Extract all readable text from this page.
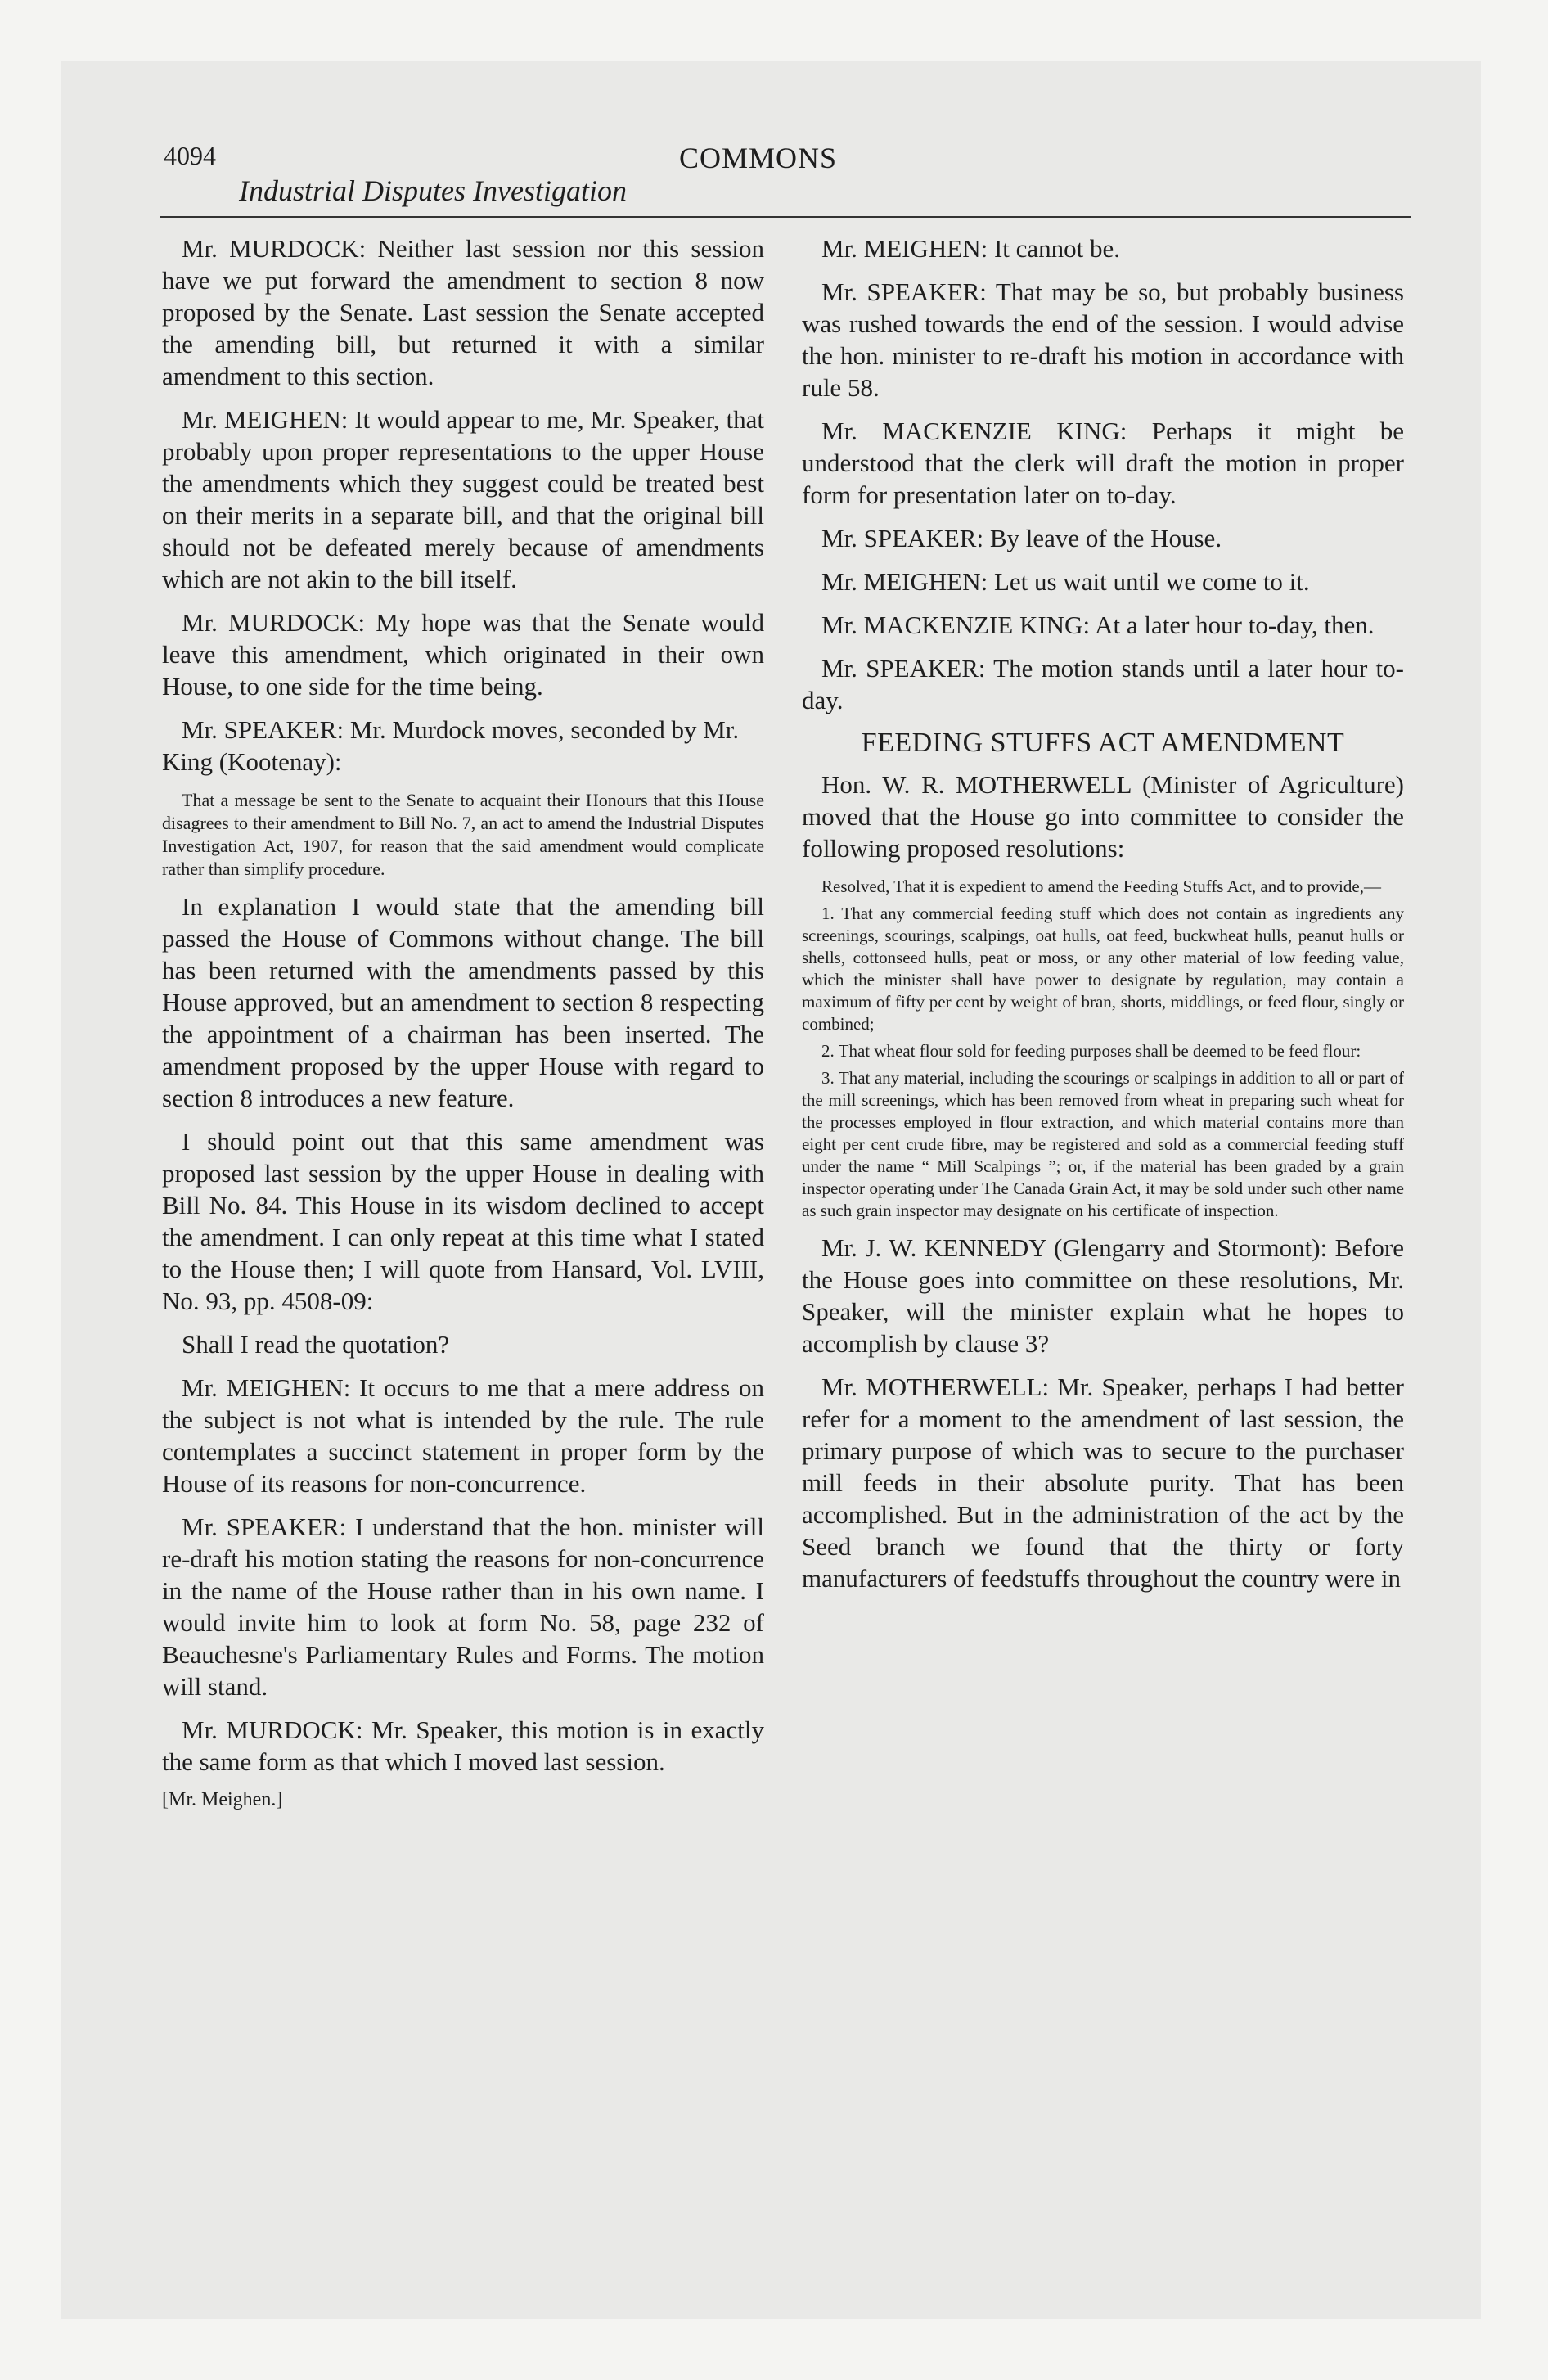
4094	COMMONS
Industrial Disputes Investigation

Mr. MURDOCK: Neither last session nor this session have we put forward the amendment to section 8 now proposed by the Senate. Last session the Senate accepted the amending bill, but returned it with a similar amendment to this section.

Mr. MEIGHEN: It would appear to me, Mr. Speaker, that probably upon proper representations to the upper House the amendments which they suggest could be treated best on their merits in a separate bill, and that the original bill should not be defeated merely because of amendments which are not akin to the bill itself.

Mr. MURDOCK: My hope was that the Senate would leave this amendment, which originated in their own House, to one side for the time being.

Mr. SPEAKER: Mr. Murdock moves, seconded by Mr. King (Kootenay):

That a message be sent to the Senate to acquaint their Honours that this House disagrees to their amendment to Bill No. 7, an act to amend the Industrial Disputes Investigation Act, 1907, for reason that the said amendment would complicate rather than simplify procedure.

In explanation I would state that the amending bill passed the House of Commons without change. The bill has been returned with the amendments passed by this House approved, but an amendment to section 8 respecting the appointment of a chairman has been inserted. The amendment proposed by the upper House with regard to section 8 introduces a new feature.

I should point out that this same amendment was proposed last session by the upper House in dealing with Bill No. 84. This House in its wisdom declined to accept the amendment. I can only repeat at this time what I stated to the House then; I will quote from Hansard, Vol. LVIII, No. 93, pp. 4508-09:

Shall I read the quotation?

Mr. MEIGHEN: It occurs to me that a mere address on the subject is not what is intended by the rule. The rule contemplates a succinct statement in proper form by the House of its reasons for non-concurrence.

Mr. SPEAKER: I understand that the hon. minister will re-draft his motion stating the reasons for non-concurrence in the name of the House rather than in his own name. I would invite him to look at form No. 58, page 232 of Beauchesne's Parliamentary Rules and Forms. The motion will stand.

Mr. MURDOCK: Mr. Speaker, this motion is in exactly the same form as that which I moved last session.

[Mr. Meighen.]

Mr. MEIGHEN: It cannot be.

Mr. SPEAKER: That may be so, but probably business was rushed towards the end of the session. I would advise the hon. minister to re-draft his motion in accordance with rule 58.

Mr. MACKENZIE KING: Perhaps it might be understood that the clerk will draft the motion in proper form for presentation later on to-day.

Mr. SPEAKER: By leave of the House.

Mr. MEIGHEN: Let us wait until we come to it.

Mr. MACKENZIE KING: At a later hour to-day, then.

Mr. SPEAKER: The motion stands until a later hour to-day.

FEEDING STUFFS ACT AMENDMENT

Hon. W. R. MOTHERWELL (Minister of Agriculture) moved that the House go into committee to consider the following proposed resolutions:

Resolved, That it is expedient to amend the Feeding Stuffs Act, and to provide,—

1. That any commercial feeding stuff which does not contain as ingredients any screenings, scourings, scalpings, oat hulls, oat feed, buckwheat hulls, peanut hulls or shells, cottonseed hulls, peat or moss, or any other material of low feeding value, which the minister shall have power to designate by regulation, may contain a maximum of fifty per cent by weight of bran, shorts, middlings, or feed flour, singly or combined;

2. That wheat flour sold for feeding purposes shall be deemed to be feed flour:

3. That any material, including the scourings or scalpings in addition to all or part of the mill screenings, which has been removed from wheat in preparing such wheat for the processes employed in flour extraction, and which material contains more than eight per cent crude fibre, may be registered and sold as a commercial feeding stuff under the name “ Mill Scalpings ”; or, if the material has been graded by a grain inspector operating under The Canada Grain Act, it may be sold under such other name as such grain inspector may designate on his certificate of inspection.

Mr. J. W. KENNEDY (Glengarry and Stormont): Before the House goes into committee on these resolutions, Mr. Speaker, will the minister explain what he hopes to accomplish by clause 3?

Mr. MOTHERWELL: Mr. Speaker, perhaps I had better refer for a moment to the amendment of last session, the primary purpose of which was to secure to the purchaser mill feeds in their absolute purity. That has been accomplished. But in the administration of the act by the Seed branch we found that the thirty or forty manufacturers of feedstuffs throughout the country were in
